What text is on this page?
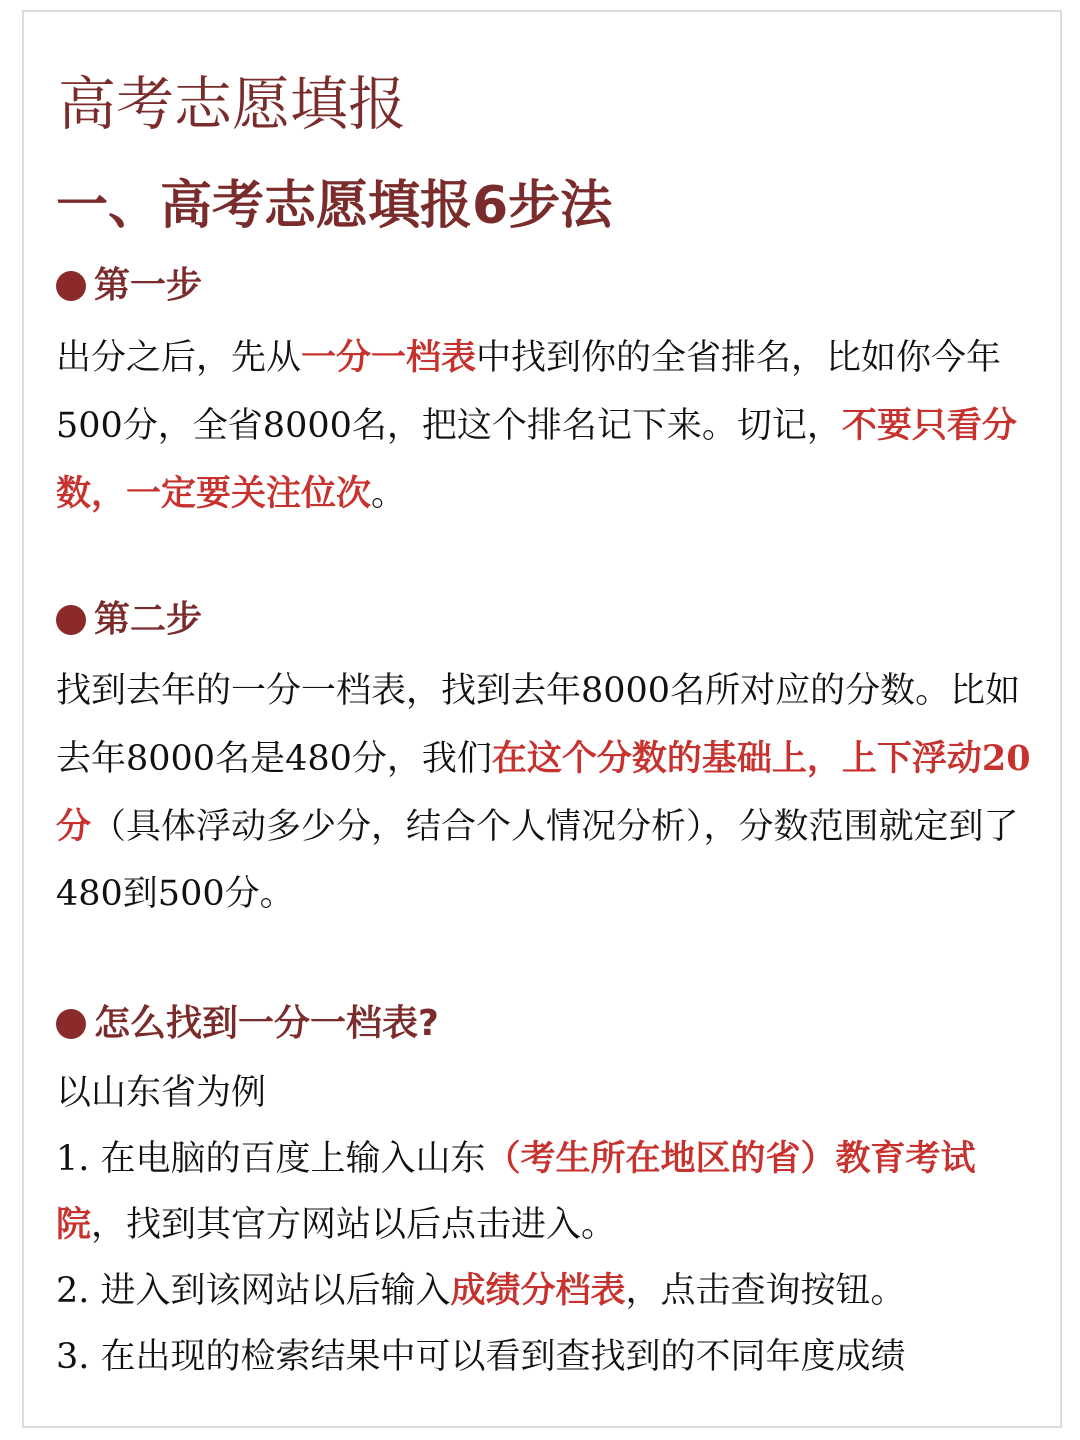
高考志愿填报
一、高考志愿填报6步法
第一步

出分之后，先从一分一档表中找到你的全省排名，比如你今年500分，全省8000名，把这个排名记下来。切记，不要只看分数，一定要关注位次。

第二步

找到去年的一分一档表，找到去年8000名所对应的分数。比如去年8000名是480分，我们在这个分数的基础上，上下浮动20分（具体浮动多少分，结合个人情况分析），分数范围就定到了480到500分。

怎么找到一分一档表?

以山东省为例

1. 在电脑的百度上输入山东（考生所在地区的省）教育考试院，找到其官方网站以后点击进入。

2. 进入到该网站以后输入成绩分档表，点击查询按钮。

3. 在出现的检索结果中可以看到查找到的不同年度成绩
